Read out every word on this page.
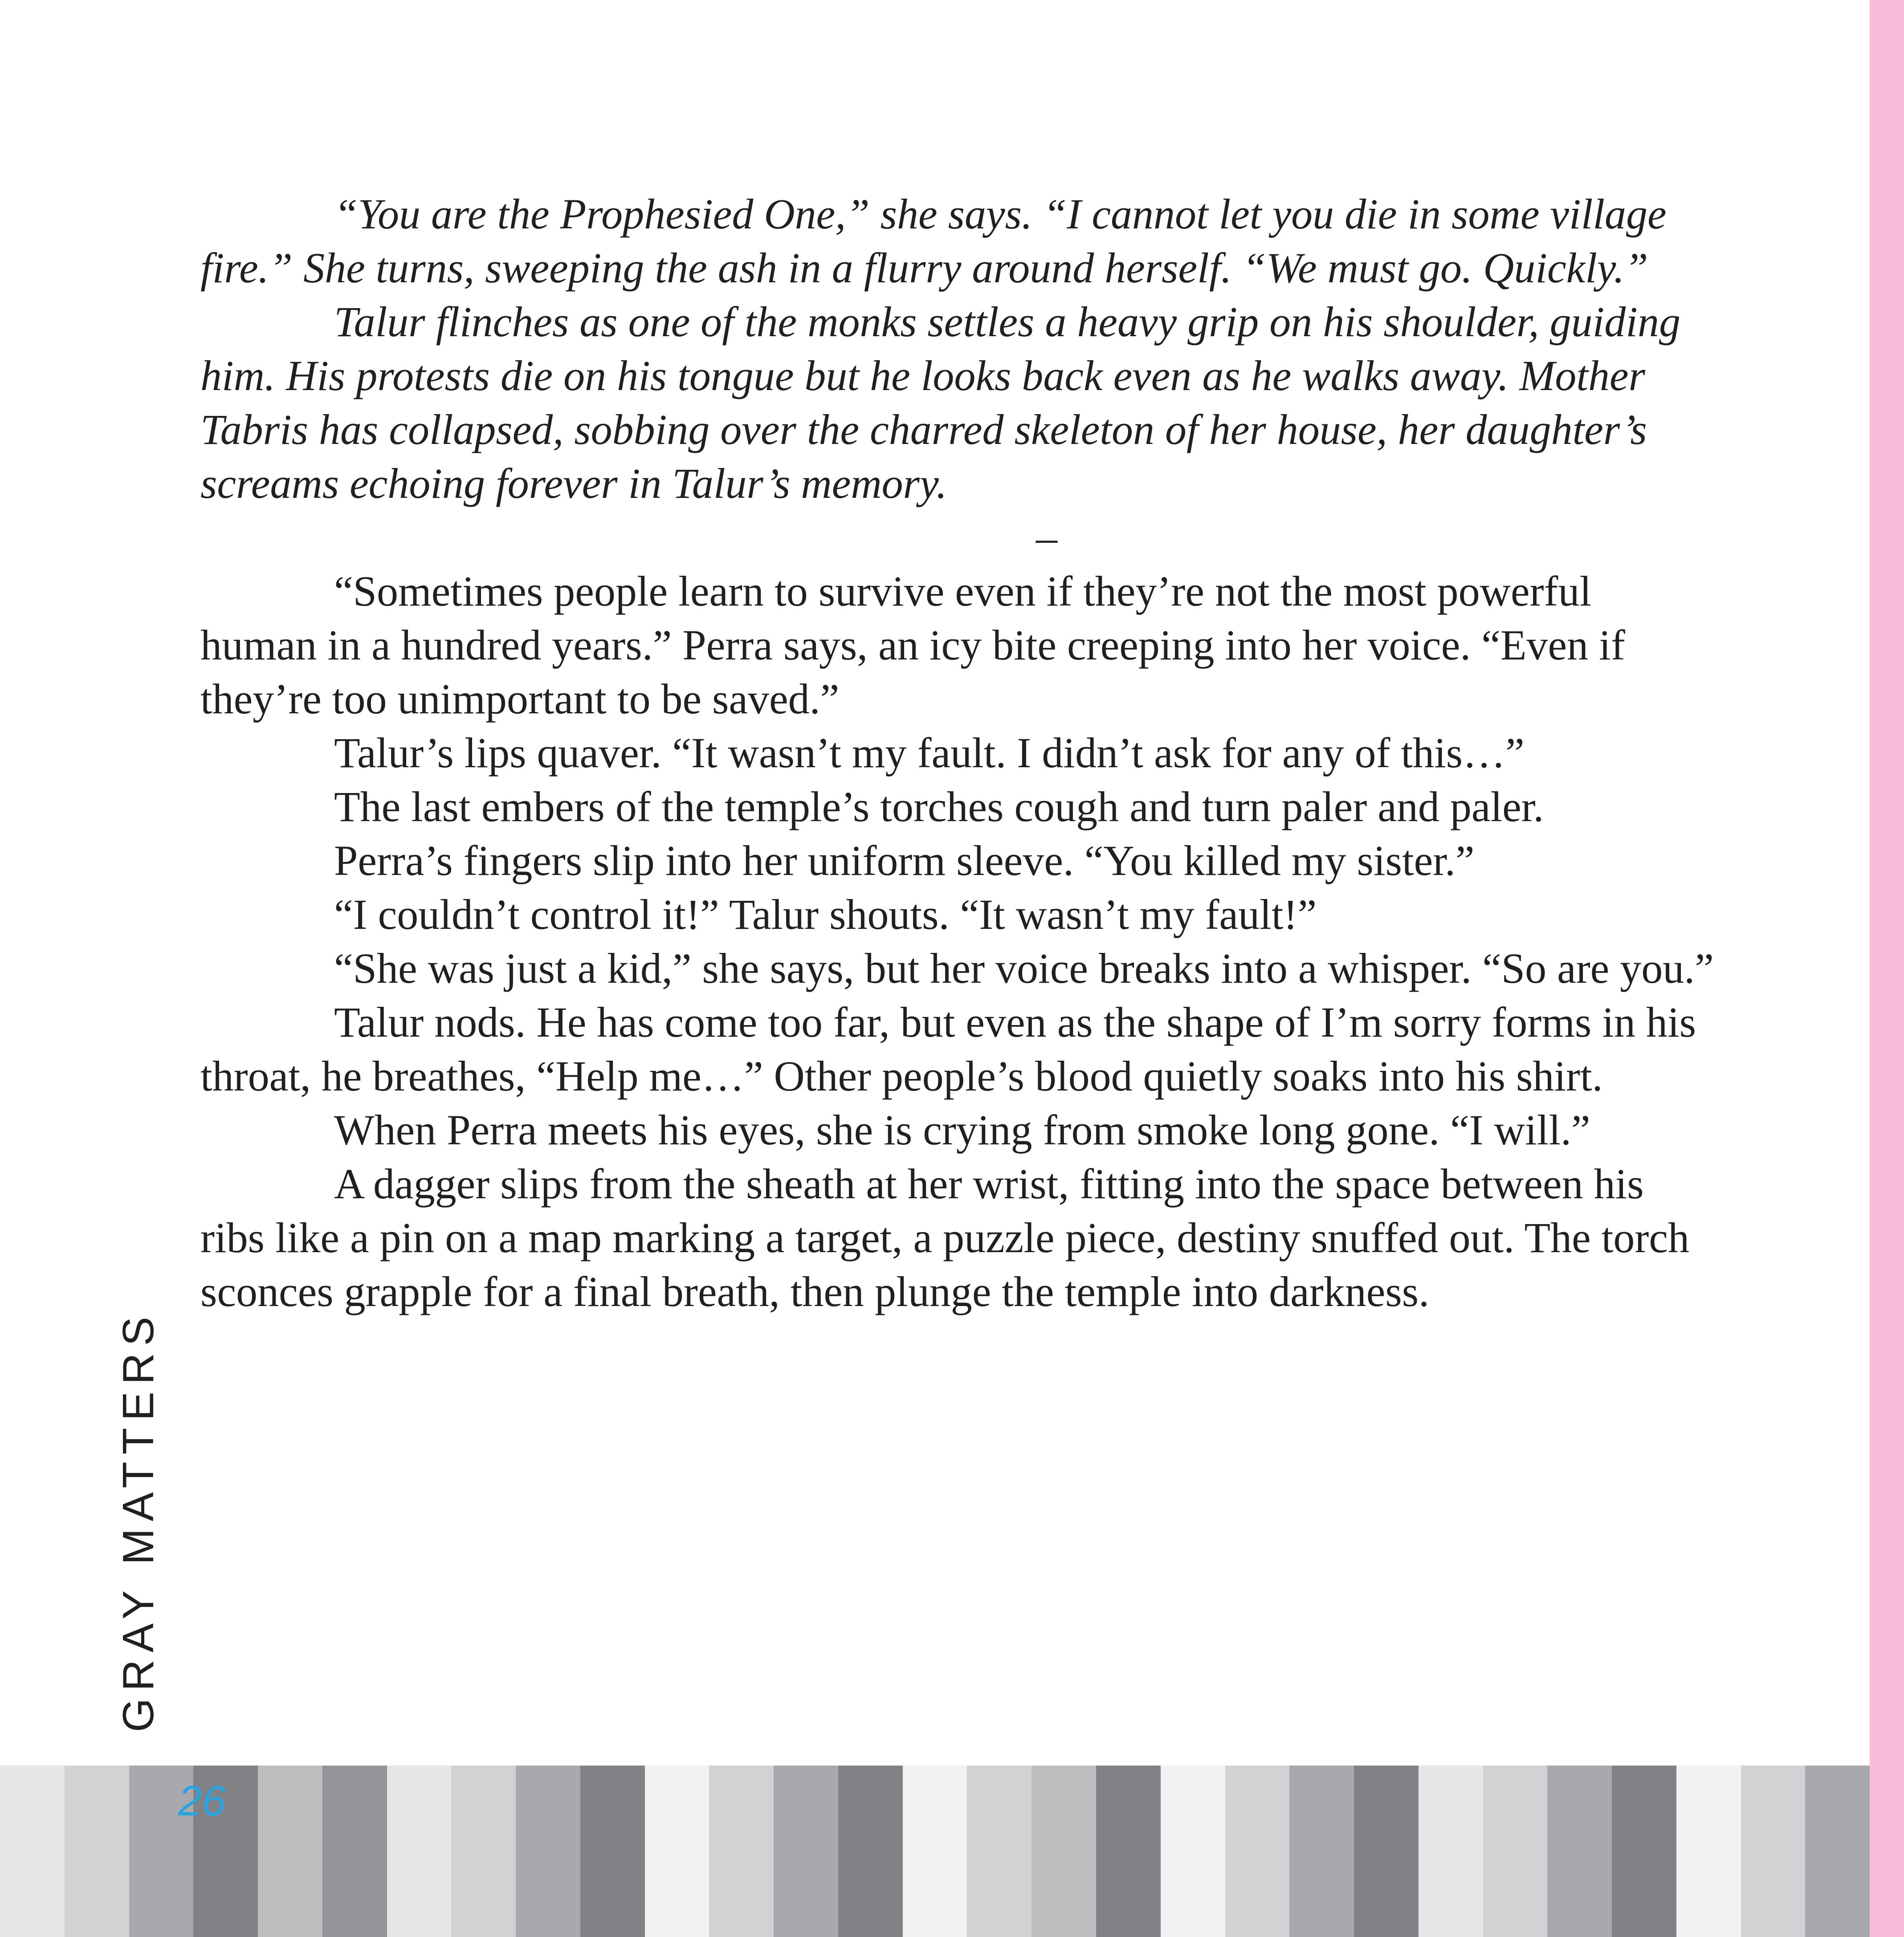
“You are the Prophesied One,” she says. “I cannot let you die in some village fire.” She turns, sweeping the ash in a flurry around herself. “We must go. Quickly.”

Talur flinches as one of the monks settles a heavy grip on his shoulder, guiding him. His protests die on his tongue but he looks back even as he walks away. Mother Tabris has collapsed, sobbing over the charred skeleton of her house, her daughter’s screams echoing forever in Talur’s memory.

–

“Sometimes people learn to survive even if they’re not the most powerful human in a hundred years.” Perra says, an icy bite creeping into her voice. “Even if they’re too unimportant to be saved.”

Talur’s lips quaver. “It wasn’t my fault. I didn’t ask for any of this…”

The last embers of the temple’s torches cough and turn paler and paler.

Perra’s fingers slip into her uniform sleeve. “You killed my sister.”

“I couldn’t control it!” Talur shouts. “It wasn’t my fault!”

“She was just a kid,” she says, but her voice breaks into a whisper. “So are you.”

Talur nods. He has come too far, but even as the shape of I’m sorry forms in his throat, he breathes, “Help me…” Other people’s blood quietly soaks into his shirt.

When Perra meets his eyes, she is crying from smoke long gone. “I will.”

A dagger slips from the sheath at her wrist, fitting into the space between his ribs like a pin on a map marking a target, a puzzle piece, destiny snuffed out. The torch sconces grapple for a final breath, then plunge the temple into darkness.

GRAY MATTERS
26
